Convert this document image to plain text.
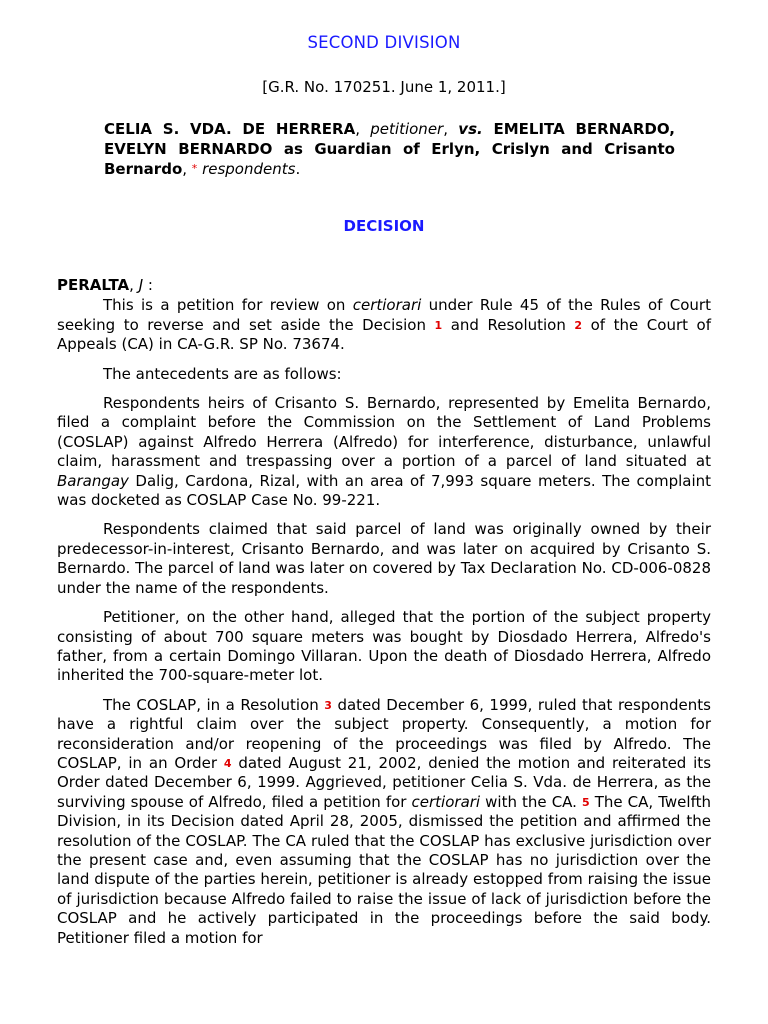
SECOND DIVISION
[G.R. No. 170251. June 1, 2011.]
CELIA S. VDA. DE HERRERA, petitioner, vs. EMELITA BERNARDO, EVELYN BERNARDO as Guardian of Erlyn, Crislyn and Crisanto Bernardo, * respondents.
DECISION

PERALTA, J :

This is a petition for review on certiorari under Rule 45 of the Rules of Court seeking to reverse and set aside the Decision $^1$ and Resolution $^2$ of the Court of Appeals (CA) in CA-G.R. SP No. 73674.

The antecedents are as follows:

Respondents heirs of Crisanto S. Bernardo, represented by Emelita Bernardo, filed a complaint before the Commission on the Settlement of Land Problems (COSLAP) against Alfredo Herrera (Alfredo) for interference, disturbance, unlawful claim, harassment and trespassing over a portion of a parcel of land situated at Barangay Dalig, Cardona, Rizal, with an area of 7,993 square meters. The complaint was docketed as COSLAP Case No. 99-221.

Respondents claimed that said parcel of land was originally owned by their predecessor-in-interest, Crisanto Bernardo, and was later on acquired by Crisanto S. Bernardo. The parcel of land was later on covered by Tax Declaration No. CD-006-0828 under the name of the respondents.

Petitioner, on the other hand, alleged that the portion of the subject property consisting of about 700 square meters was bought by Diosdado Herrera, Alfredo's father, from a certain Domingo Villaran. Upon the death of Diosdado Herrera, Alfredo inherited the 700-square-meter lot.

The COSLAP, in a Resolution $^3$ dated December 6, 1999, ruled that respondents have a rightful claim over the subject property. Consequently, a motion for reconsideration and/or reopening of the proceedings was filed by Alfredo. The COSLAP, in an Order $^4$ dated August 21, 2002, denied the motion and reiterated its Order dated December 6, 1999. Aggrieved, petitioner Celia S. Vda. de Herrera, as the surviving spouse of Alfredo, filed a petition for certiorari with the CA. $^5$ The CA, Twelfth Division, in its Decision dated April 28, 2005, dismissed the petition and affirmed the resolution of the COSLAP. The CA ruled that the COSLAP has exclusive jurisdiction over the present case and, even assuming that the COSLAP has no jurisdiction over the land dispute of the parties herein, petitioner is already estopped from raising the issue of jurisdiction because Alfredo failed to raise the issue of lack of jurisdiction before the COSLAP and he actively participated in the proceedings before the said body. Petitioner filed a motion for
